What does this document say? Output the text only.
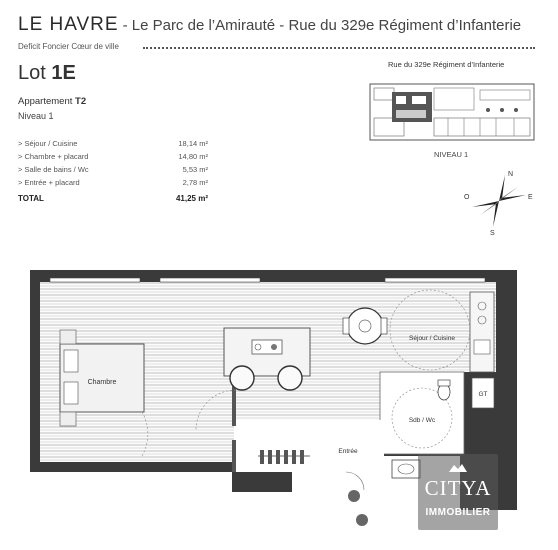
LE HAVRE - Le Parc de l’Amirauté - Rue du 329e Régiment d’Infanterie
Deficit Foncier Cœur de ville
Lot 1E
Appartement T2
Niveau 1
> Séjour / Cuisine	18,14 m²
> Chambre + placard	14,80 m²
> Salle de bains / Wc	5,53 m²
> Entrée + placard	2,78 m²
TOTAL	41,25 m²
Rue du 329e Régiment d’Infanterie
NIVEAU 1
N
S
E
O
Chambre
Séjour / Cuisine
Sdb / Wc
GT
Entrée
CITYA
IMMOBILIER
